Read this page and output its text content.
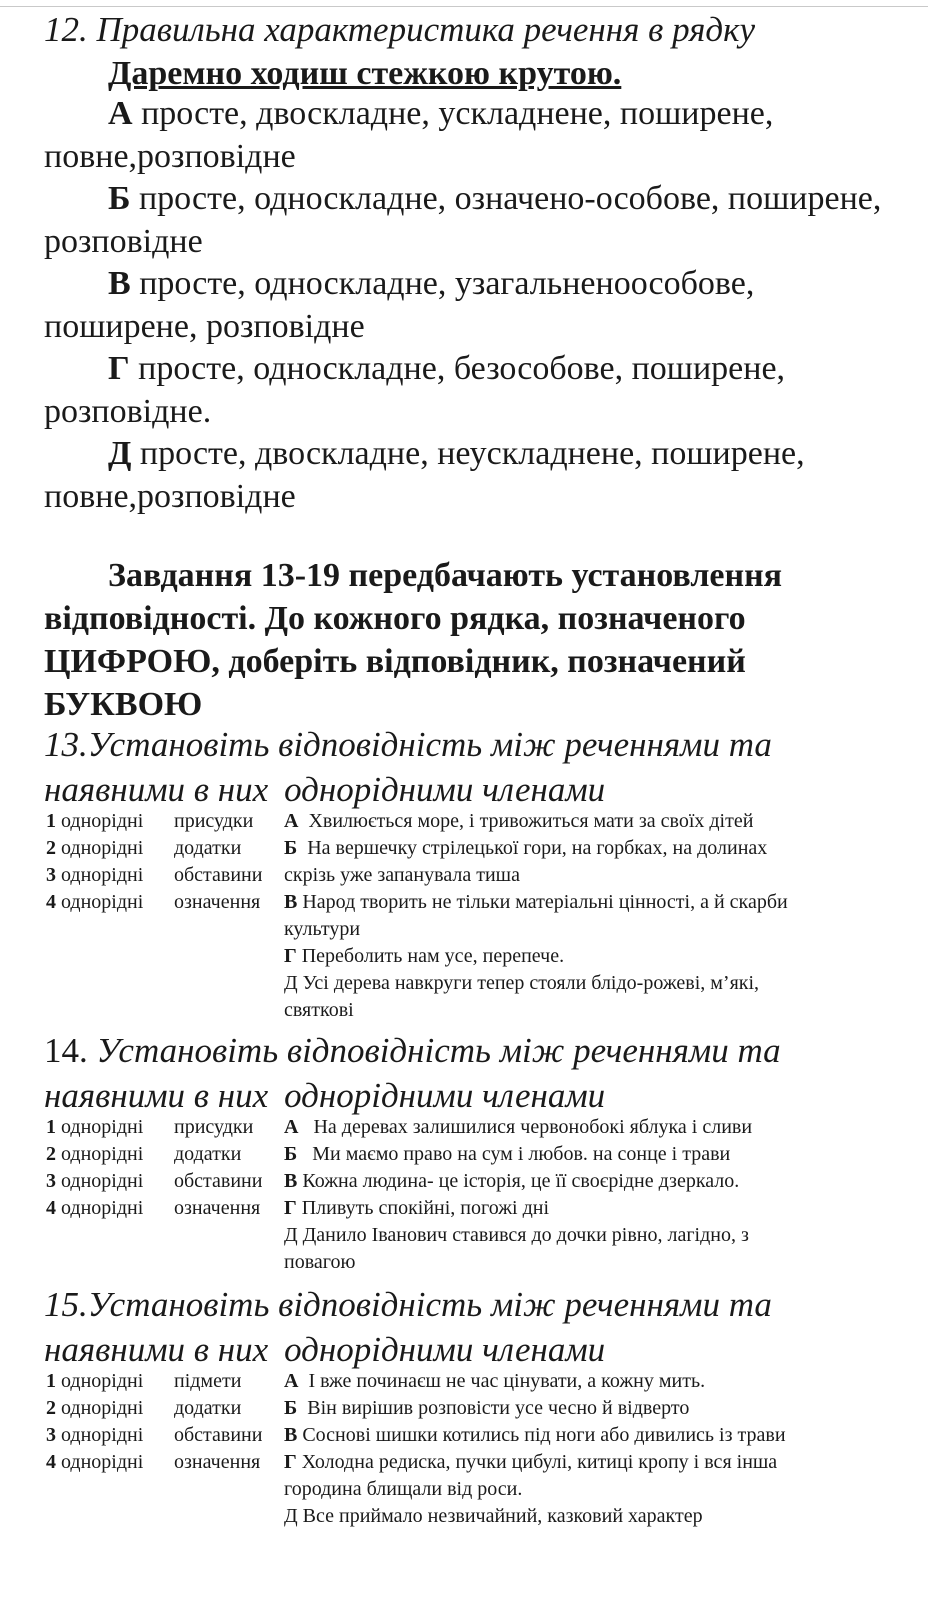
12. Правильна характеристика речення в рядку
Даремно ходиш стежкою крутою.
А просте, двоскладне, ускладнене, поширене, повне,розповідне
Б просте, односкладне, означено-особове, поширене, розповідне
В просте, односкладне, узагальненоособове, поширене, розповідне
Г просте, односкладне, безособове, поширене, розповідне.
Д просте, двоскладне, неускладнене, поширене, повне,розповідне
Завдання 13-19 передбачають установлення відповідності. До кожного рядка, позначеного ЦИФРОЮ, доберіть відповідник, позначений БУКВОЮ
13.Установіть відповідність між реченнями та
наявними в них однорідними членами
1 однорідні присудки А Хвилюється море, і тривожиться мати за своїх дітей
2 однорідні додатки Б На вершечку стрілецької гори, на горбках, на долинах
3 однорідні обставини скрізь уже запанувала тиша
4 однорідні означення В Народ творить не тільки матеріальні цінності, а й скарби
культури
Г Переболить нам усе, перепече.
Д Усі дерева навкруги тепер стояли блідо-рожеві, м’які,
святкові
14. Установіть відповідність між реченнями та
наявними в них однорідними членами
1 однорідні присудки А На деревах залишилися червонобокі яблука і сливи
2 однорідні додатки Б Ми маємо право на сум і любов. на сонце і трави
3 однорідні обставини В Кожна людина- це історія, це її своєрідне дзеркало.
4 однорідні означення Г Пливуть спокійні, погожі дні
Д Данило Іванович ставився до дочки рівно, лагідно, з
повагою
15.Установіть відповідність між реченнями та
наявними в них однорідними членами
1 однорідні підмети А І вже починаєш не час цінувати, а кожну мить.
2 однорідні додатки Б Він вирішив розповісти усе чесно й відверто
3 однорідні обставини В Соснові шишки котились під ноги або дивились із трави
4 однорідні означення Г Холодна редиска, пучки цибулі, китиці кропу і вся інша
городина блищали від роси.
Д Все приймало незвичайний, казковий характер
